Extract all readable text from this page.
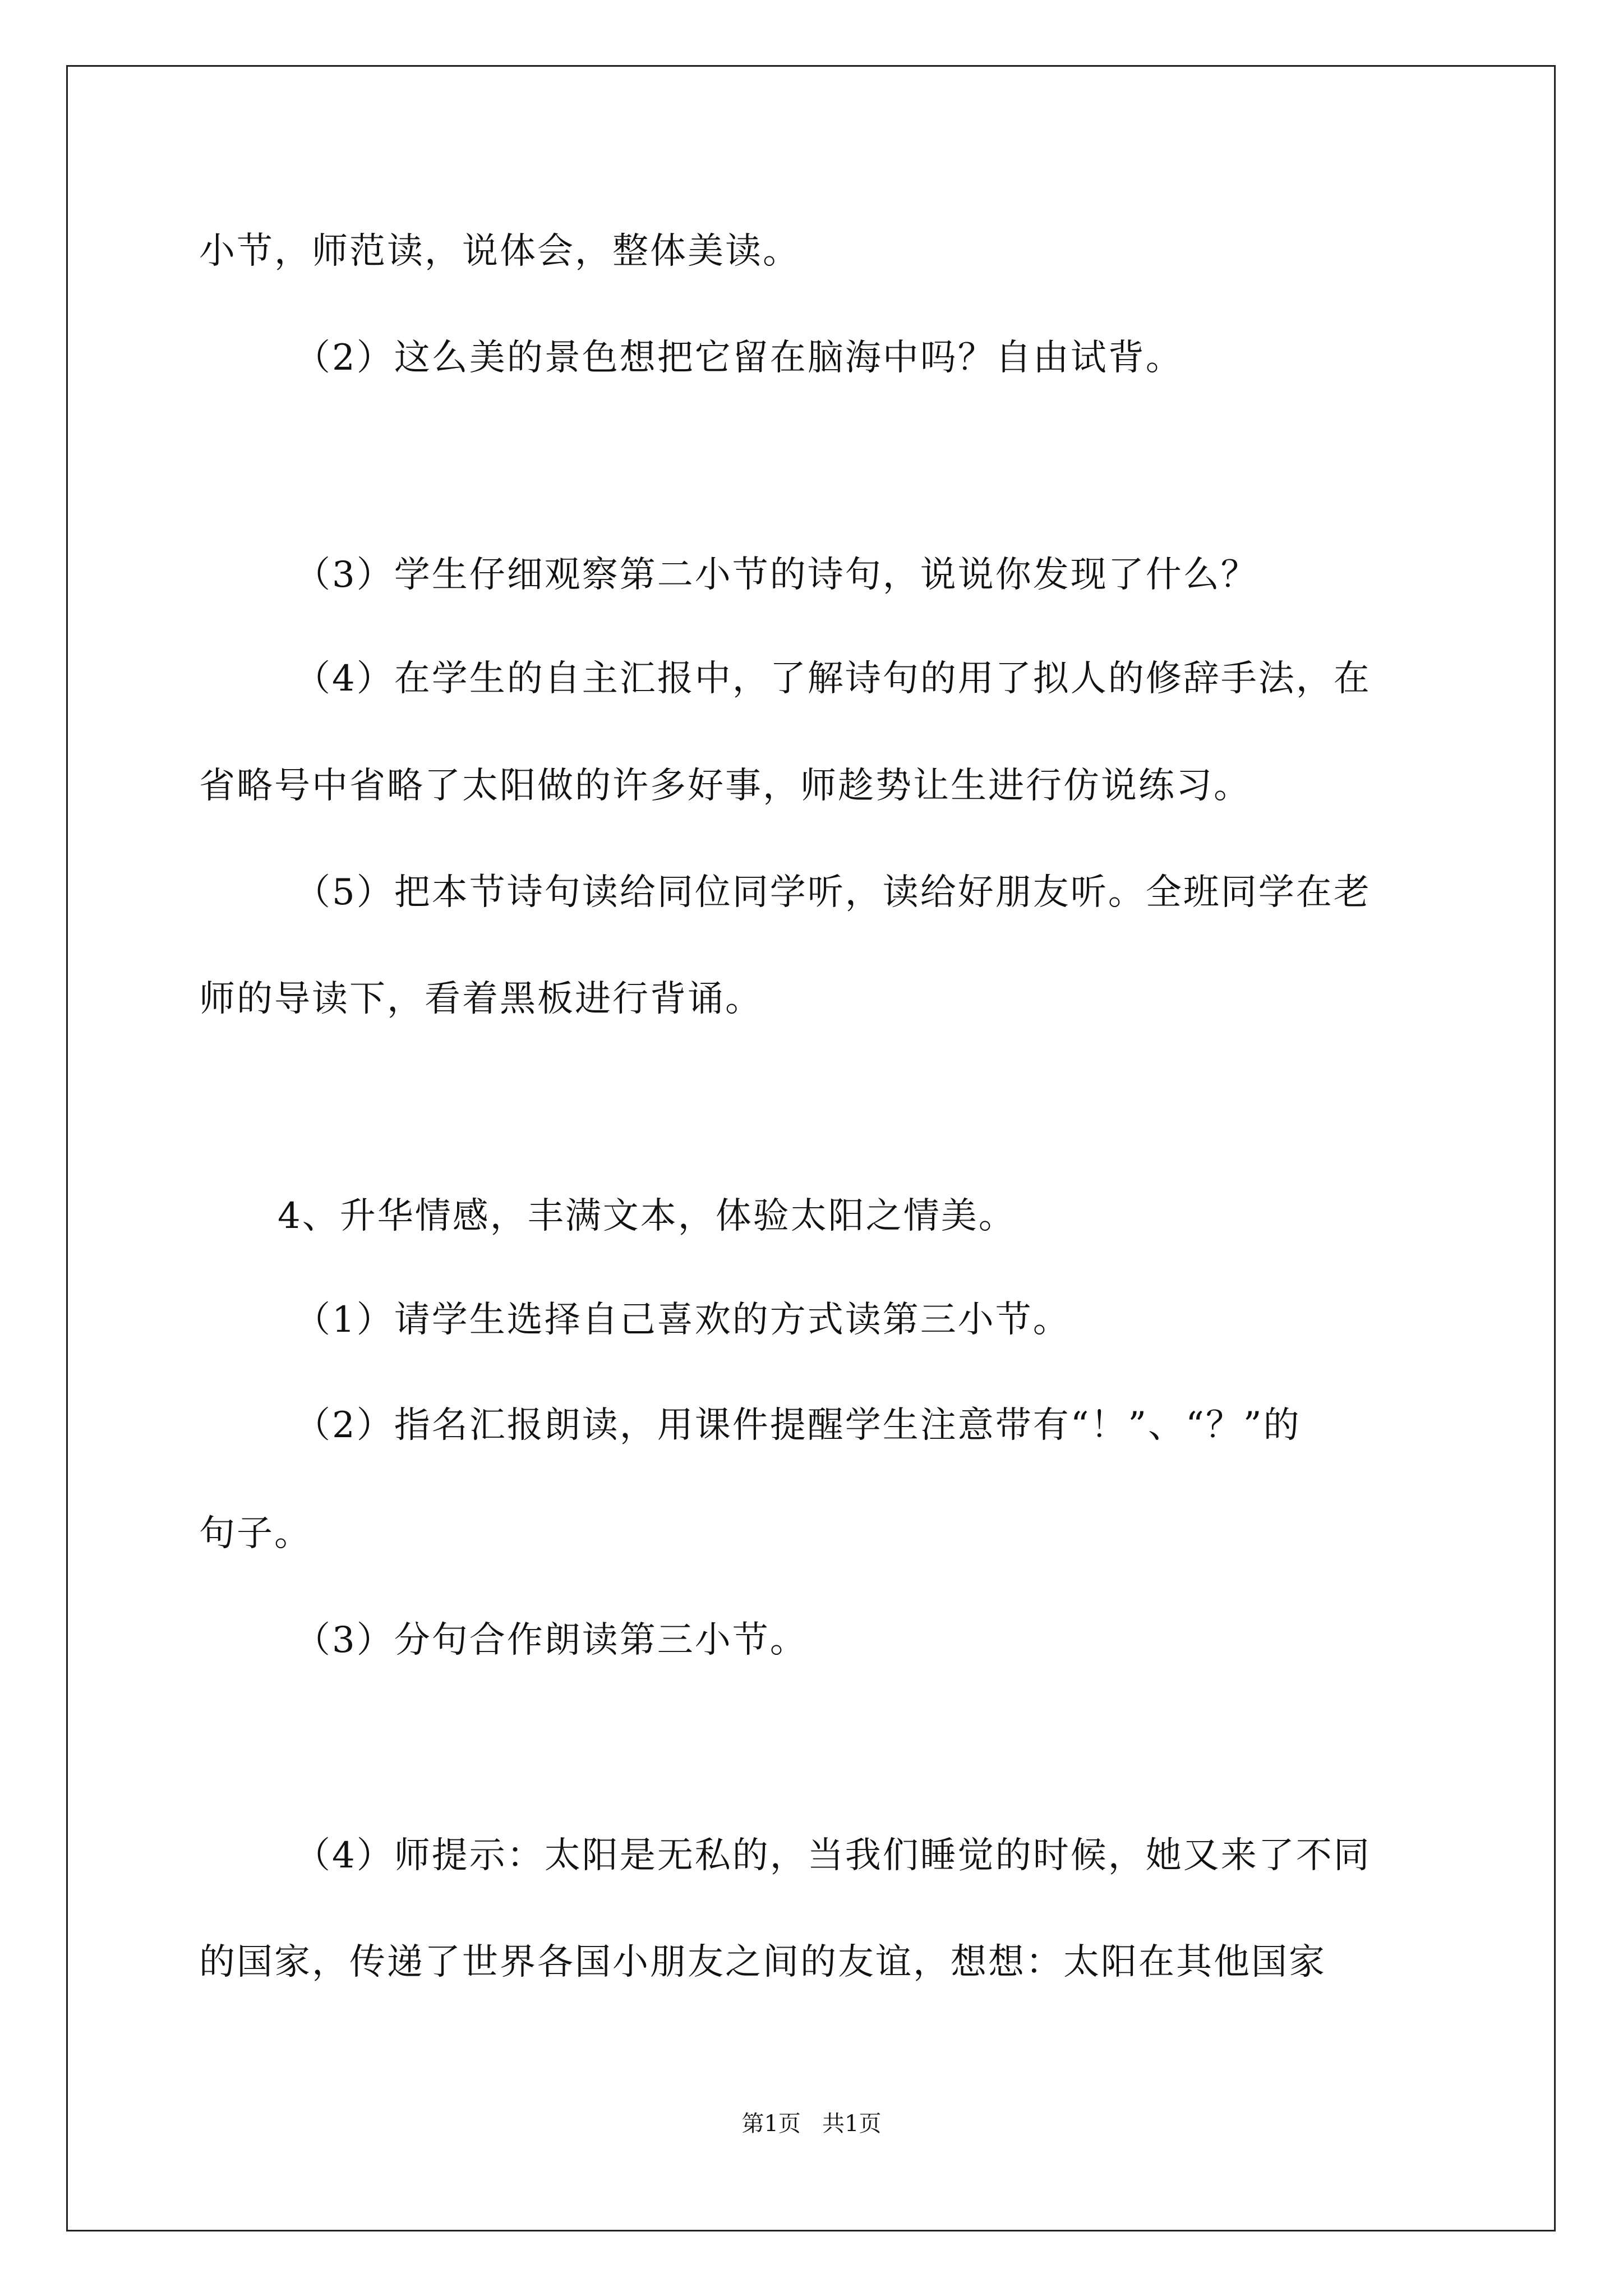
小节，师范读，说体会，整体美读。
（2）这么美的景色想把它留在脑海中吗？自由试背。
（3）学生仔细观察第二小节的诗句，说说你发现了什么？
（4）在学生的自主汇报中，了解诗句的用了拟人的修辞手法，在
省略号中省略了太阳做的许多好事，师趁势让生进行仿说练习。
（5）把本节诗句读给同位同学听，读给好朋友听。全班同学在老
师的导读下，看着黑板进行背诵。
4、升华情感，丰满文本，体验太阳之情美。
（1）请学生选择自己喜欢的方式读第三小节。
（2）指名汇报朗读，用课件提醒学生注意带有“！”、“？”的
句子。
（3）分句合作朗读第三小节。
（4）师提示：太阳是无私的，当我们睡觉的时候，她又来了不同
的国家，传递了世界各国小朋友之间的友谊，想想：太阳在其他国家
第1页   共1页
